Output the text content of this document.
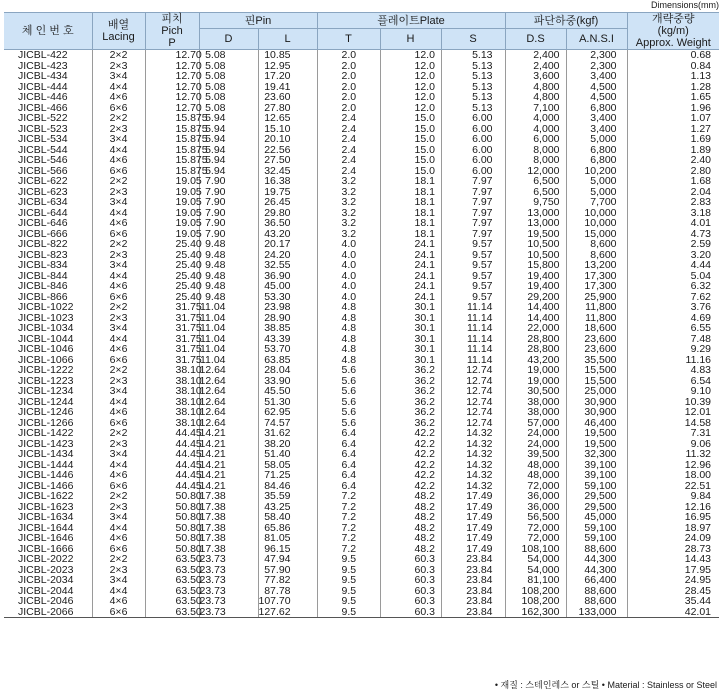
Dimensions(mm)
체 인 번 호	배열
Lacing	피치
Pich
P	핀Pin		플레이트Plate			파단하중(kgf)		개략중량
(kg/m)
Approx. Weight
			D	L	T	H	S	D.S	A.N.S.I	
JICBL-422	2×2	12.70	5.08	10.85	2.0	12.0	5.13	2,400	2,300	0.68
JICBL-423	2×3	12.70	5.08	12.95	2.0	12.0	5.13	2,400	2,300	0.84
JICBL-434	3×4	12.70	5.08	17.20	2.0	12.0	5.13	3,600	3,400	1.13
JICBL-444	4×4	12.70	5.08	19.41	2.0	12.0	5.13	4,800	4,500	1.28
JICBL-446	4×6	12.70	5.08	23.60	2.0	12.0	5.13	4,800	4,500	1.65
JICBL-466	6×6	12.70	5.08	27.80	2.0	12.0	5.13	7,100	6,800	1.96
JICBL-522	2×2	15.875	5.94	12.65	2.4	15.0	6.00	4,000	3,400	1.07
JICBL-523	2×3	15.875	5.94	15.10	2.4	15.0	6.00	4,000	3,400	1.27
JICBL-534	3×4	15.875	5.94	20.10	2.4	15.0	6.00	6,000	5,000	1.69
JICBL-544	4×4	15.875	5.94	22.56	2.4	15.0	6.00	8,000	6,800	1.89
JICBL-546	4×6	15.875	5.94	27.50	2.4	15.0	6.00	8,000	6,800	2.40
JICBL-566	6×6	15.875	5.94	32.45	2.4	15.0	6.00	12,000	10,200	2.80
JICBL-622	2×2	19.05	7.90	16.38	3.2	18.1	7.97	6,500	5,000	1.68
JICBL-623	2×3	19.05	7.90	19.75	3.2	18.1	7.97	6,500	5,000	2.04
JICBL-634	3×4	19.05	7.90	26.45	3.2	18.1	7.97	9,750	7,700	2.83
JICBL-644	4×4	19.05	7.90	29.80	3.2	18.1	7.97	13,000	10,000	3.18
JICBL-646	4×6	19.05	7.90	36.50	3.2	18.1	7.97	13,000	10,000	4.01
JICBL-666	6×6	19.05	7.90	43.20	3.2	18.1	7.97	19,500	15,000	4.73
JICBL-822	2×2	25.40	9.48	20.17	4.0	24.1	9.57	10,500	8,600	2.59
JICBL-823	2×3	25.40	9.48	24.20	4.0	24.1	9.57	10,500	8,600	3.20
JICBL-834	3×4	25.40	9.48	32.55	4.0	24.1	9.57	15,800	13,200	4.44
JICBL-844	4×4	25.40	9.48	36.90	4.0	24.1	9.57	19,400	17,300	5.04
JICBL-846	4×6	25.40	9.48	45.00	4.0	24.1	9.57	19,400	17,300	6.32
JICBL-866	6×6	25.40	9.48	53.30	4.0	24.1	9.57	29,200	25,900	7.62
JICBL-1022	2×2	31.75	11.04	23.98	4.8	30.1	11.14	14,400	11,800	3.76
JICBL-1023	2×3	31.75	11.04	28.90	4.8	30.1	11.14	14,400	11,800	4.69
JICBL-1034	3×4	31.75	11.04	38.85	4.8	30.1	11.14	22,000	18,600	6.55
JICBL-1044	4×4	31.75	11.04	43.39	4.8	30.1	11.14	28,800	23,600	7.48
JICBL-1046	4×6	31.75	11.04	53.70	4.8	30.1	11.14	28,800	23,600	9.29
JICBL-1066	6×6	31.75	11.04	63.85	4.8	30.1	11.14	43,200	35,500	11.16
JICBL-1222	2×2	38.10	12.64	28.04	5.6	36.2	12.74	19,000	15,500	4.83
JICBL-1223	2×3	38.10	12.64	33.90	5.6	36.2	12.74	19,000	15,500	6.54
JICBL-1234	3×4	38.10	12.64	45.50	5.6	36.2	12.74	30,500	25,000	9.10
JICBL-1244	4×4	38.10	12.64	51.30	5.6	36.2	12.74	38,000	30,900	10.39
JICBL-1246	4×6	38.10	12.64	62.95	5.6	36.2	12.74	38,000	30,900	12.01
JICBL-1266	6×6	38.10	12.64	74.57	5.6	36.2	12.74	57,000	46,400	14.58
JICBL-1422	2×2	44.45	14.21	31.62	6.4	42.2	14.32	24,000	19,500	7.31
JICBL-1423	2×3	44.45	14.21	38.20	6.4	42.2	14.32	24,000	19,500	9.06
JICBL-1434	3×4	44.45	14.21	51.40	6.4	42.2	14.32	39,500	32,300	11.32
JICBL-1444	4×4	44.45	14.21	58.05	6.4	42.2	14.32	48,000	39,100	12.96
JICBL-1446	4×6	44.45	14.21	71.25	6.4	42.2	14.32	48,000	39,100	18.00
JICBL-1466	6×6	44.45	14.21	84.46	6.4	42.2	14.32	72,000	59,100	22.51
JICBL-1622	2×2	50.80	17.38	35.59	7.2	48.2	17.49	36,000	29,500	9.84
JICBL-1623	2×3	50.80	17.38	43.25	7.2	48.2	17.49	36,000	29,500	12.16
JICBL-1634	3×4	50.80	17.38	58.40	7.2	48.2	17.49	56,500	45,000	16.95
JICBL-1644	4×4	50.80	17.38	65.86	7.2	48.2	17.49	72,000	59,100	18.97
JICBL-1646	4×6	50.80	17.38	81.05	7.2	48.2	17.49	72,000	59,100	24.09
JICBL-1666	6×6	50.80	17.38	96.15	7.2	48.2	17.49	108,100	88,600	28.73
JICBL-2022	2×2	63.50	23.73	47.94	9.5	60.3	23.84	54,000	44,300	14.43
JICBL-2023	2×3	63.50	23.73	57.90	9.5	60.3	23.84	54,000	44,300	17.95
JICBL-2034	3×4	63.50	23.73	77.82	9.5	60.3	23.84	81,100	66,400	24.95
JICBL-2044	4×4	63.50	23.73	87.78	9.5	60.3	23.84	108,200	88,600	28.45
JICBL-2046	4×6	63.50	23.73	107.70	9.5	60.3	23.84	108,200	88,600	35.44
JICBL-2066	6×6	63.50	23.73	127.62	9.5	60.3	23.84	162,300	133,000	42.01
• 재질 : 스테인레스 or 스틸 • Material : Stainless or Steel
